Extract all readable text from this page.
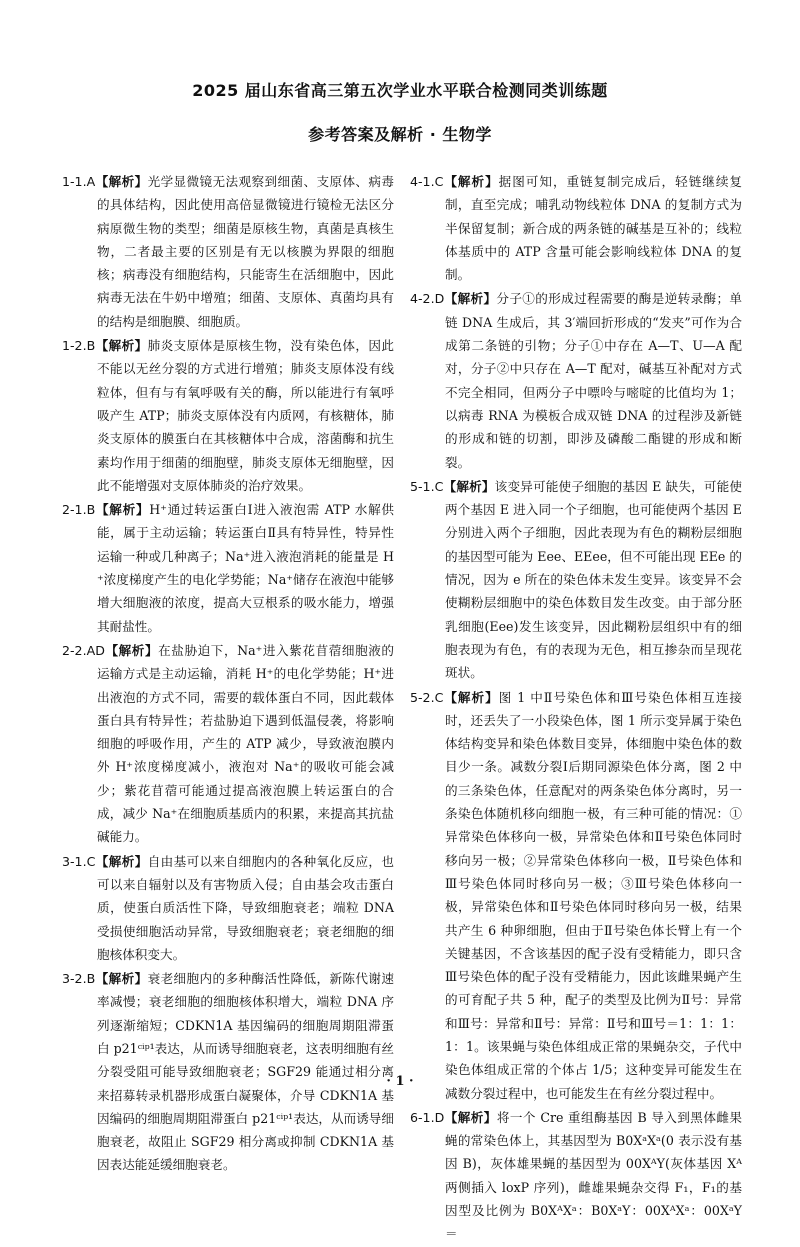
2025 届山东省高三第五次学业水平联合检测同类训练题
参考答案及解析 · 生物学
1-1.A【解析】光学显微镜无法观察到细菌、支原体、病毒的具体结构，因此使用高倍显微镜进行镜检无法区分病原微生物的类型；细菌是原核生物，真菌是真核生物，二者最主要的区别是有无以核膜为界限的细胞核；病毒没有细胞结构，只能寄生在活细胞中，因此病毒无法在牛奶中增殖；细菌、支原体、真菌均具有的结构是细胞膜、细胞质。
1-2.B【解析】肺炎支原体是原核生物，没有染色体，因此不能以无丝分裂的方式进行增殖；肺炎支原体没有线粒体，但有与有氧呼吸有关的酶，所以能进行有氧呼吸产生 ATP；肺炎支原体没有内质网，有核糖体，肺炎支原体的膜蛋白在其核糖体中合成，溶菌酶和抗生素均作用于细菌的细胞壁，肺炎支原体无细胞壁，因此不能增强对支原体肺炎的治疗效果。
2-1.B【解析】H⁺通过转运蛋白Ⅰ进入液泡需 ATP 水解供能，属于主动运输；转运蛋白Ⅱ具有特异性，特异性运输一种或几种离子；Na⁺进入液泡消耗的能量是 H⁺浓度梯度产生的电化学势能；Na⁺储存在液泡中能够增大细胞液的浓度，提高大豆根系的吸水能力，增强其耐盐性。
2-2.AD【解析】在盐胁迫下，Na⁺进入紫花苜蓿细胞液的运输方式是主动运输，消耗 H⁺的电化学势能；H⁺进出液泡的方式不同，需要的载体蛋白不同，因此载体蛋白具有特异性；若盐胁迫下遇到低温侵袭，将影响细胞的呼吸作用，产生的 ATP 减少，导致液泡膜内外 H⁺浓度梯度减小，液泡对 Na⁺的吸收可能会减少；紫花苜蓿可能通过提高液泡膜上转运蛋白的合成，减少 Na⁺在细胞质基质内的积累，来提高其抗盐碱能力。
3-1.C【解析】自由基可以来自细胞内的各种氧化反应，也可以来自辐射以及有害物质入侵；自由基会攻击蛋白质，使蛋白质活性下降，导致细胞衰老；端粒 DNA 受损使细胞活动异常，导致细胞衰老；衰老细胞的细胞核体积变大。
3-2.B【解析】衰老细胞内的多种酶活性降低，新陈代谢速率减慢；衰老细胞的细胞核体积增大，端粒 DNA 序列逐渐缩短；CDKN1A 基因编码的细胞周期阻滞蛋白 p21ᶜⁱᵖ¹表达，从而诱导细胞衰老，这表明细胞有丝分裂受阻可能导致细胞衰老；SGF29 能通过相分离来招募转录机器形成蛋白凝聚体，介导 CDKN1A 基因编码的细胞周期阻滞蛋白 p21ᶜⁱᵖ¹表达，从而诱导细胞衰老，故阻止 SGF29 相分离或抑制 CDKN1A 基因表达能延缓细胞衰老。
4-1.C【解析】据图可知，重链复制完成后，轻链继续复制，直至完成；哺乳动物线粒体 DNA 的复制方式为半保留复制；新合成的两条链的碱基是互补的；线粒体基质中的 ATP 含量可能会影响线粒体 DNA 的复制。
4-2.D【解析】分子①的形成过程需要的酶是逆转录酶；单链 DNA 生成后，其 3′端回折形成的“发夹”可作为合成第二条链的引物；分子①中存在 A—T、U—A 配对，分子②中只存在 A—T 配对，碱基互补配对方式不完全相同，但两分子中嘌呤与嘧啶的比值均为 1；以病毒 RNA 为模板合成双链 DNA 的过程涉及新链的形成和链的切割，即涉及磷酸二酯键的形成和断裂。
5-1.C【解析】该变异可能使子细胞的基因 E 缺失，可能使两个基因 E 进入同一个子细胞，也可能使两个基因 E 分别进入两个子细胞，因此表现为有色的糊粉层细胞的基因型可能为 Eee、EEee，但不可能出现 EEe 的情况，因为 e 所在的染色体未发生变异。该变异不会使糊粉层细胞中的染色体数目发生改变。由于部分胚乳细胞(Eee)发生该变异，因此糊粉层组织中有的细胞表现为有色，有的表现为无色，相互掺杂而呈现花斑状。
5-2.C【解析】图 1 中Ⅱ号染色体和Ⅲ号染色体相互连接时，还丢失了一小段染色体，图 1 所示变异属于染色体结构变异和染色体数目变异，体细胞中染色体的数目少一条。减数分裂Ⅰ后期同源染色体分离，图 2 中的三条染色体，任意配对的两条染色体分离时，另一条染色体随机移向细胞一极，有三种可能的情况：①异常染色体移向一极，异常染色体和Ⅱ号染色体同时移向另一极；②异常染色体移向一极，Ⅱ号染色体和Ⅲ号染色体同时移向另一极；③Ⅲ号染色体移向一极，异常染色体和Ⅱ号染色体同时移向另一极，结果共产生 6 种卵细胞，但由于Ⅱ号染色体长臂上有一个关键基因，不含该基因的配子没有受精能力，即只含Ⅲ号染色体的配子没有受精能力，因此该雌果蝇产生的可育配子共 5 种，配子的类型及比例为Ⅱ号：异常和Ⅲ号：异常和Ⅱ号：异常：Ⅱ号和Ⅲ号＝1：1：1：1：1。该果蝇与染色体组成正常的果蝇杂交，子代中染色体组成正常的个体占 1/5；这种变异可能发生在减数分裂过程中，也可能发生在有丝分裂过程中。
6-1.D【解析】将一个 Cre 重组酶基因 B 导入到黑体雌果蝇的常染色体上，其基因型为 B0XᵃXᵃ(0 表示没有基因 B)，灰体雄果蝇的基因型为 00XᴬY(灰体基因 Xᴬ两侧插入 loxP 序列)，雌雄果蝇杂交得 F₁，F₁的基因型及比例为 B0XᴬXᵃ：B0XᵃY：00XᴬXᵃ：00XᵃY＝
· 1 ·
